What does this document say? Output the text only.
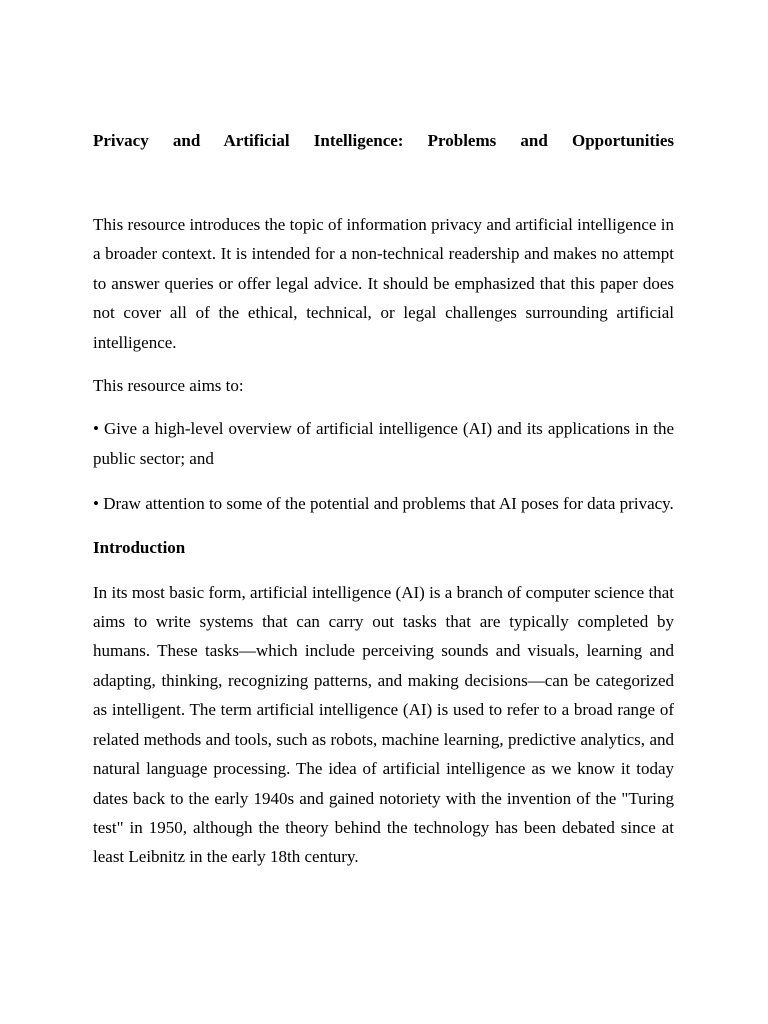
Privacy and Artificial Intelligence: Problems and Opportunities

This resource introduces the topic of information privacy and artificial intelligence in a broader context. It is intended for a non-technical readership and makes no attempt to answer queries or offer legal advice. It should be emphasized that this paper does not cover all of the ethical, technical, or legal challenges surrounding artificial intelligence.

This resource aims to:

• Give a high-level overview of artificial intelligence (AI) and its applications in the public sector; and

• Draw attention to some of the potential and problems that AI poses for data privacy.

Introduction

In its most basic form, artificial intelligence (AI) is a branch of computer science that aims to write systems that can carry out tasks that are typically completed by humans. These tasks—which include perceiving sounds and visuals, learning and adapting, thinking, recognizing patterns, and making decisions—can be categorized as intelligent. The term artificial intelligence (AI) is used to refer to a broad range of related methods and tools, such as robots, machine learning, predictive analytics, and natural language processing. The idea of artificial intelligence as we know it today dates back to the early 1940s and gained notoriety with the invention of the "Turing test" in 1950, although the theory behind the technology has been debated since at least Leibnitz in the early 18th century.
